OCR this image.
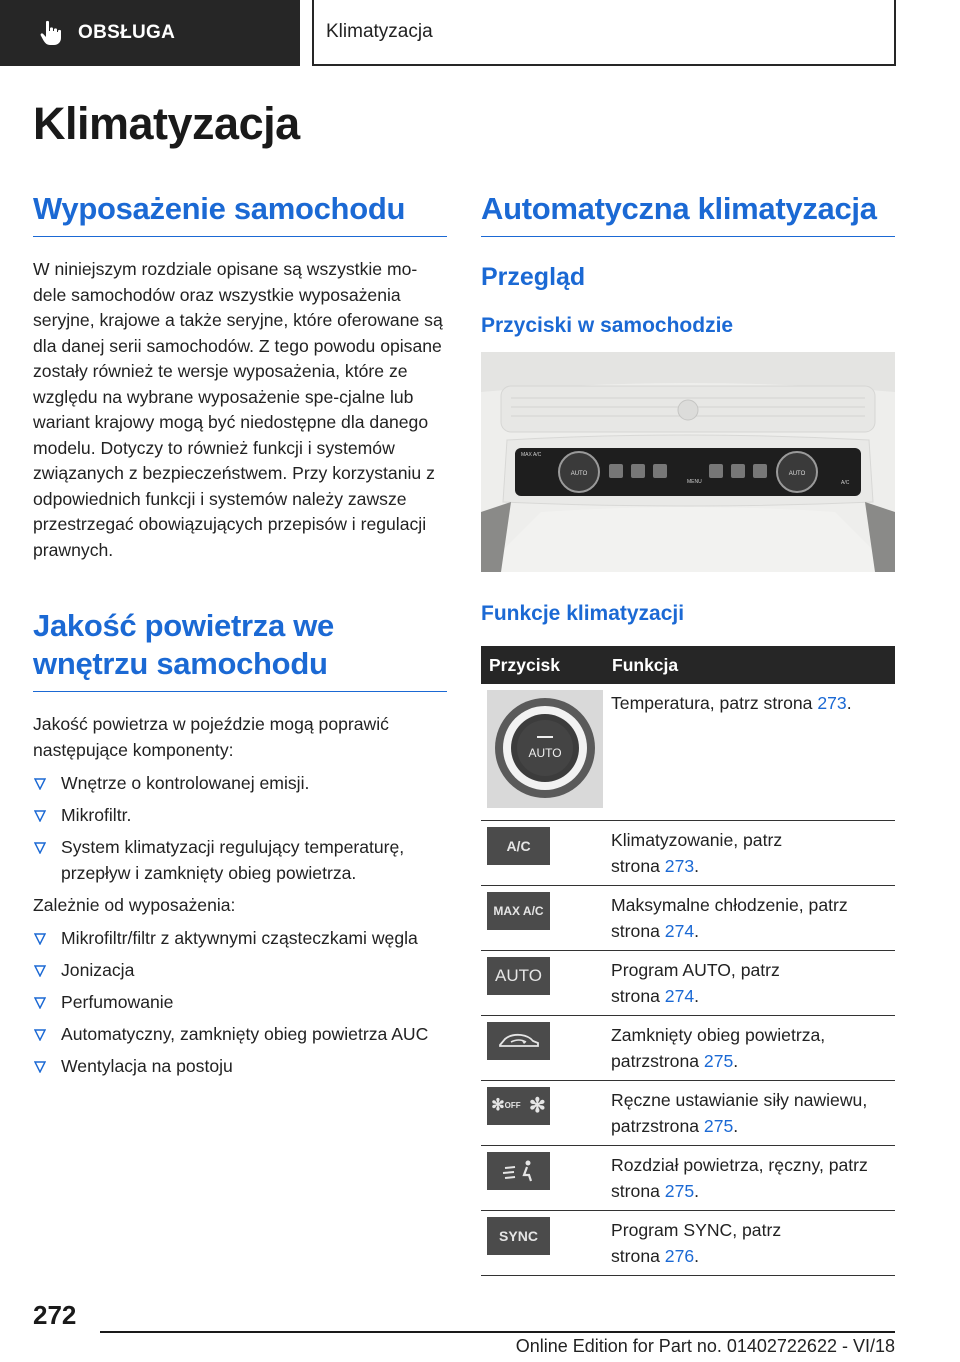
OBSŁUGA	Klimatyzacja
Klimatyzacja
Wyposażenie samochodu

W niniejszym rozdziale opisane są wszystkie mo-dele samochodów oraz wszystkie wyposażenia seryjne, krajowe a także seryjne, które oferowane są dla danej serii samochodów. Z tego powodu opisane zostały również te wersje wyposażenia, które ze względu na wybrane wyposażenie spe-cjalne lub wariant krajowy mogą być niedostępne dla danego modelu. Dotyczy to również funkcji i systemów związanych z bezpieczeństwem. Przy korzystaniu z odpowiednich funkcji i systemów należy zawsze przestrzegać obowiązujących przepisów i regulacji prawnych.

Jakość powietrza we
wnętrzu samochodu

Jakość powietrza w pojeździe mogą poprawić następujące komponenty:

Wnętrze o kontrolowanej emisji.
Mikrofiltr.
System klimatyzacji regulujący temperaturę, przepływ i zamknięty obieg powietrza.

Zależnie od wyposażenia:

Mikrofiltr/filtr z aktywnymi cząsteczkami węgla
Jonizacja
Perfumowanie
Automatyczny, zamknięty obieg powietrza AUC
Wentylacja na postoju
Automatyczna klimatyzacja
Przegląd
Przyciski w samochodzie
AUTO	AUTO
MAX A/C
MENU	A/C
Funkcje klimatyzacji
Przycisk	Funkcja

AUTO	Temperatura, patrz strona 273.

A/C	Klimatyzowanie, patrz
strona 273.

MAX A/C	Maksymalne chłodzenie, patrz
strona 274.

AUTO	Program AUTO, patrz
strona 274.

	Zamknięty obieg powietrza, patrzstrona 275.

✻ OFF ✻	Ręczne ustawianie siły nawiewu, patrzstrona 275.

	Rozdział powietrza, ręczny, patrz
strona 275.

SYNC	Program SYNC, patrz
strona 276.
272
Online Edition for Part no. 01402722622 - VI/18
